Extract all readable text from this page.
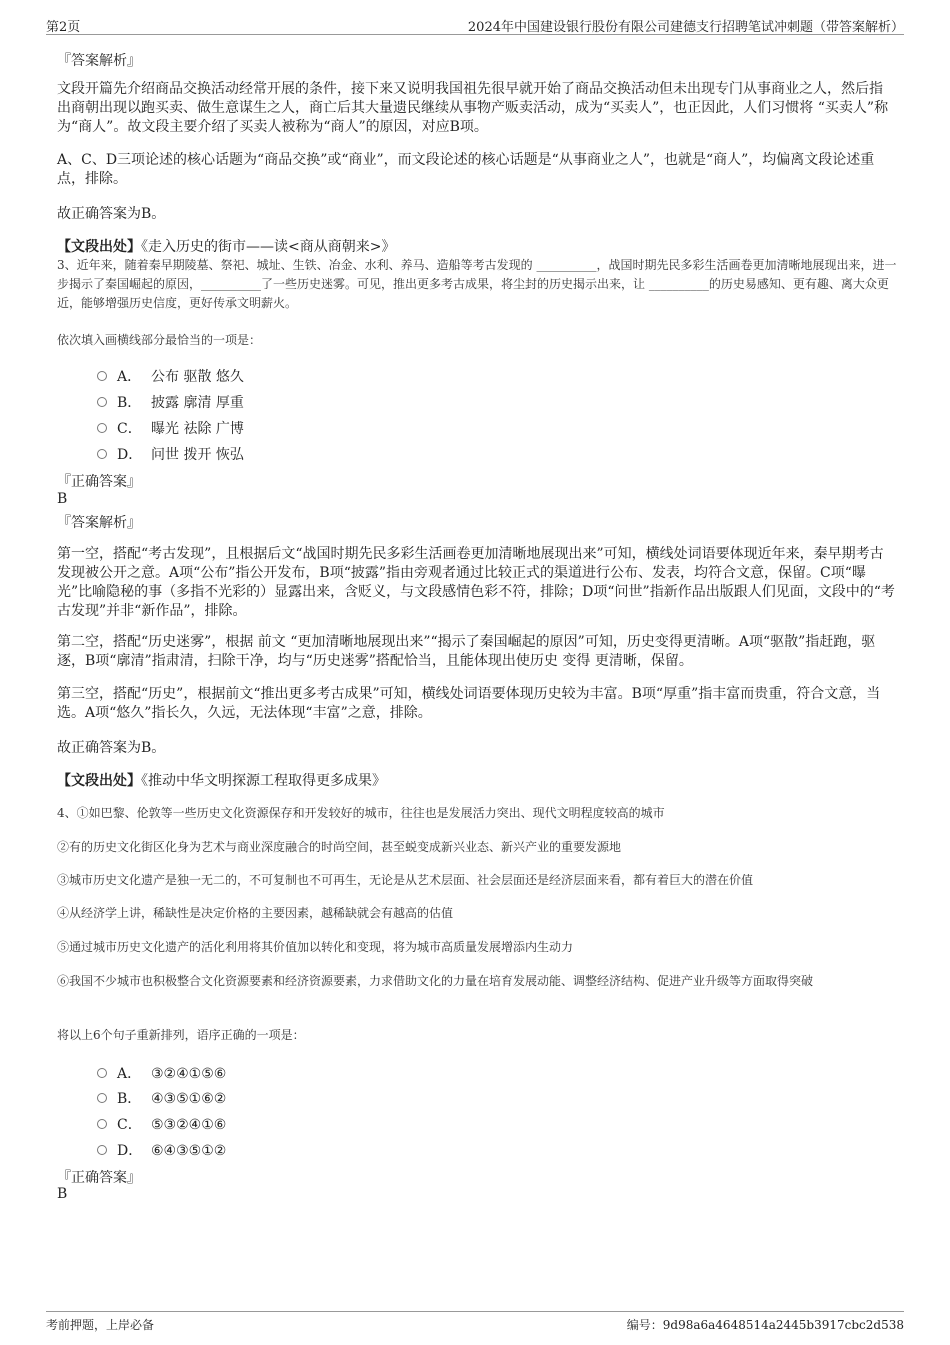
第2页	2024年中国建设银行股份有限公司建德支行招聘笔试冲刺题（带答案解析）
『答案解析』
文段开篇先介绍商品交换活动经常开展的条件，接下来又说明我国祖先很早就开始了商品交换活动但未出现专门从事商业之人，然后指出商朝出现以跑买卖、做生意谋生之人，商亡后其大量遗民继续从事物产贩卖活动，成为“买卖人”，也正因此，人们习惯将 “买卖人”称为“商人”。故文段主要介绍了买卖人被称为“商人”的原因，对应B项。
A、C、D三项论述的核心话题为“商品交换”或“商业”，而文段论述的核心话题是“从事商业之人”，也就是“商人”，均偏离文段论述重点，排除。
故正确答案为B。
【文段出处】《走入历史的街市——读<商从商朝来>》
3、近年来，随着秦早期陵墓、祭祀、城址、生铁、冶金、水利、养马、造船等考古发现的 __________，战国时期先民多彩生活画卷更加清晰地展现出来，进一步揭示了秦国崛起的原因，__________了一些历史迷雾。可见，推出更多考古成果，将尘封的历史揭示出来，让 __________的历史易感知、更有趣、离大众更近，能够增强历史信度，更好传承文明薪火。
依次填入画横线部分最恰当的一项是：
A． 公布 驱散 悠久
B． 披露 廓清 厚重
C． 曝光 祛除 广博
D． 问世 拨开 恢弘
『正确答案』
B
『答案解析』
第一空，搭配“考古发现”，且根据后文“战国时期先民多彩生活画卷更加清晰地展现出来”可知，横线处词语要体现近年来，秦早期考古发现被公开之意。A项“公布”指公开发布，B项“披露”指由旁观者通过比较正式的渠道进行公布、发表，均符合文意，保留。C项“曝光”比喻隐秘的事（多指不光彩的）显露出来，含贬义，与文段感情色彩不符，排除；D项“问世”指新作品出版跟人们见面，文段中的“考古发现”并非“新作品”，排除。
第二空，搭配“历史迷雾”，根据 前文 “更加清晰地展现出来”“揭示了秦国崛起的原因”可知，历史变得更清晰。A项“驱散”指赶跑，驱逐，B项“廓清”指肃清，扫除干净，均与“历史迷雾”搭配恰当，且能体现出使历史 变得 更清晰，保留。
第三空，搭配“历史”，根据前文“推出更多考古成果”可知，横线处词语要体现历史较为丰富。B项“厚重”指丰富而贵重，符合文意，当选。A项“悠久”指长久，久远，无法体现“丰富”之意，排除。
故正确答案为B。
【文段出处】《推动中华文明探源工程取得更多成果》
4、①如巴黎、伦敦等一些历史文化资源保存和开发较好的城市，往往也是发展活力突出、现代文明程度较高的城市
②有的历史文化街区化身为艺术与商业深度融合的时尚空间，甚至蜕变成新兴业态、新兴产业的重要发源地
③城市历史文化遗产是独一无二的，不可复制也不可再生，无论是从艺术层面、社会层面还是经济层面来看，都有着巨大的潜在价值
④从经济学上讲，稀缺性是决定价格的主要因素，越稀缺就会有越高的估值
⑤通过城市历史文化遗产的活化利用将其价值加以转化和变现，将为城市高质量发展增添内生动力
⑥我国不少城市也积极整合文化资源要素和经济资源要素，力求借助文化的力量在培育发展动能、调整经济结构、促进产业升级等方面取得突破
将以上6个句子重新排列，语序正确的一项是：
A． ③②④①⑤⑥
B． ④③⑤①⑥②
C． ⑤③②④①⑥
D． ⑥④③⑤①②
『正确答案』
B
考前押题，上岸必备	编号：9d98a6a4648514a2445b3917cbc2d538
